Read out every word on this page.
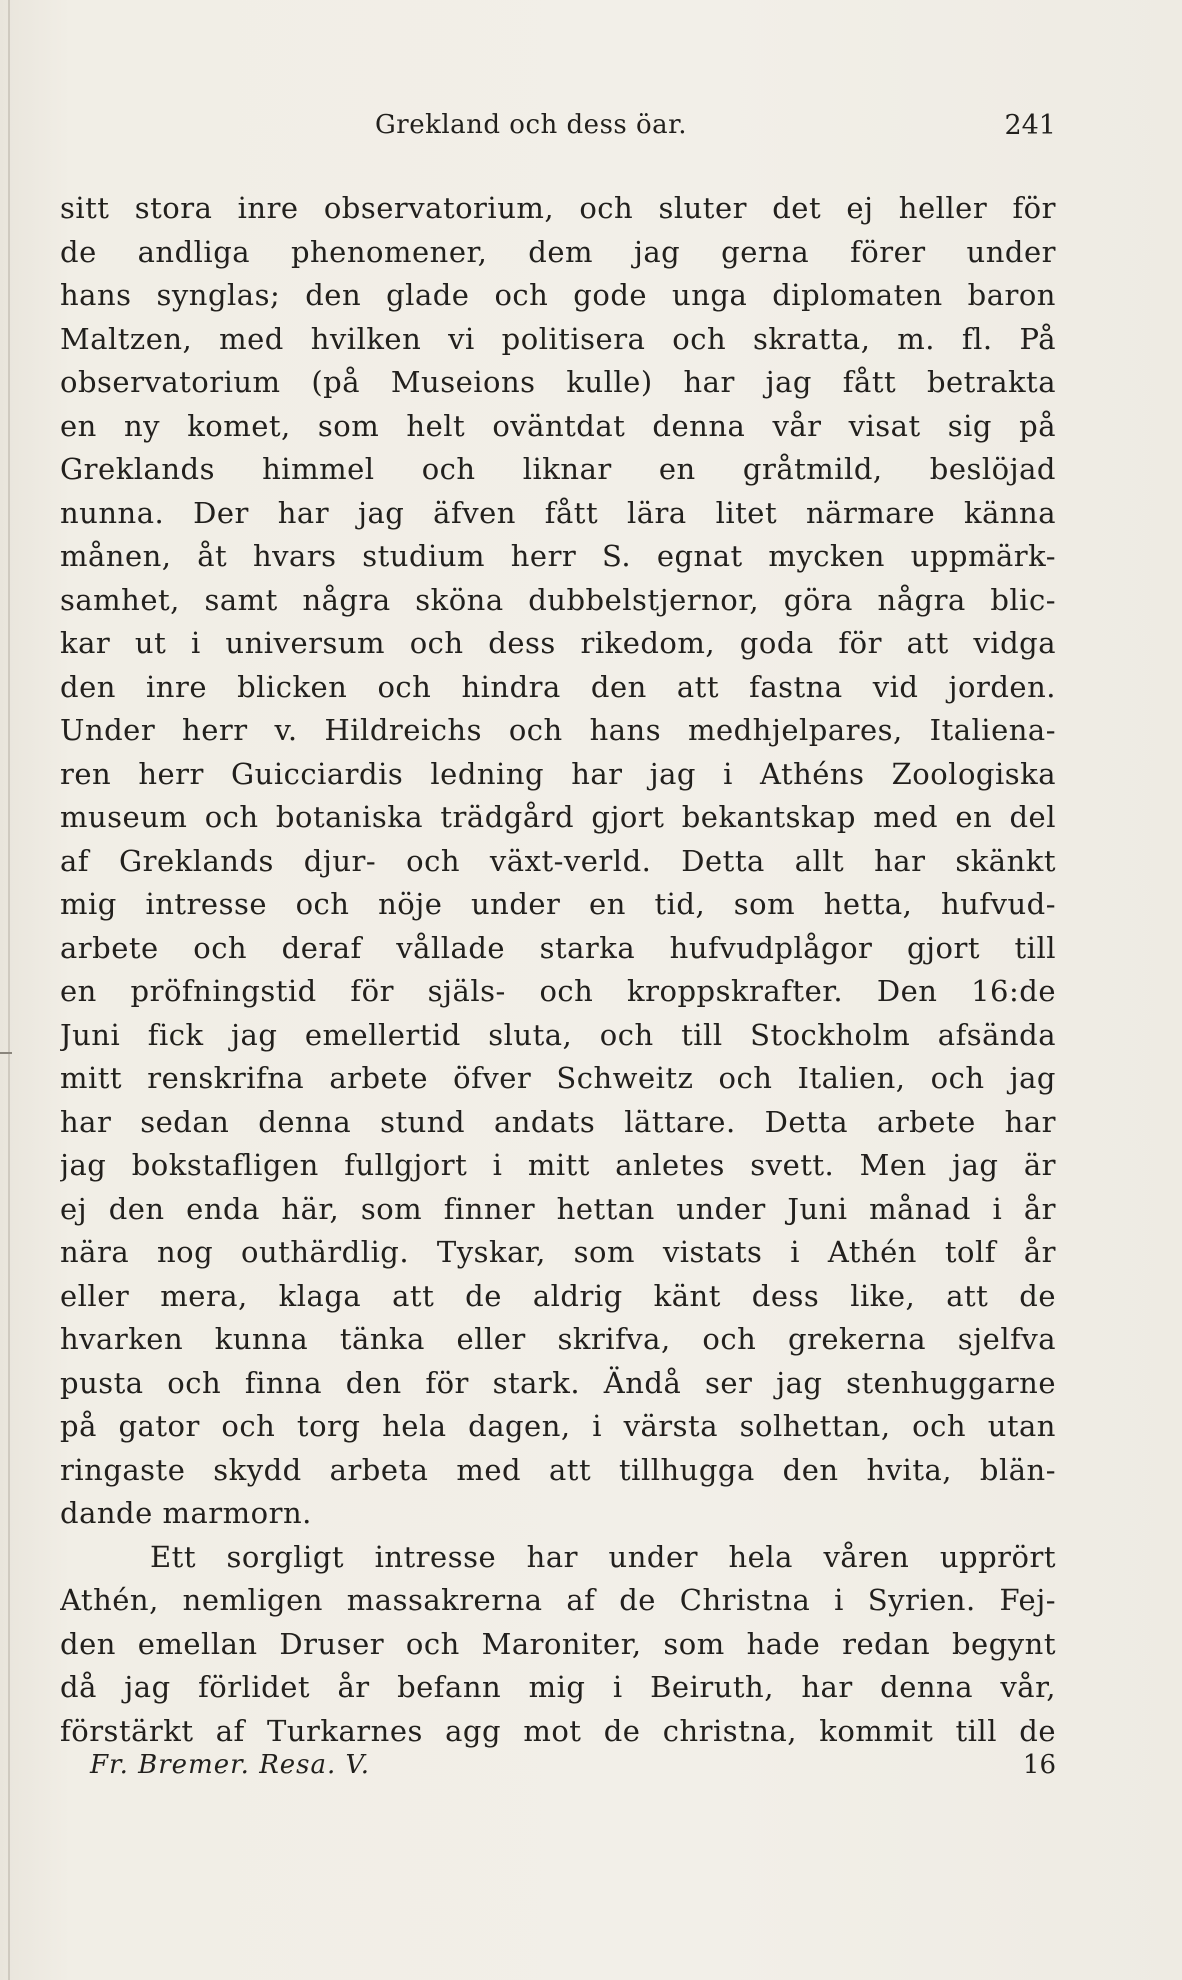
Grekland och dess öar.	241
sitt stora inre observatorium, och sluter det ej heller för
de andliga phenomener, dem jag gerna förer under
hans synglas; den glade och gode unga diplomaten baron
Maltzen, med hvilken vi politisera och skratta, m. fl. På
observatorium (på Museions kulle) har jag fått betrakta
en ny komet, som helt oväntdat denna vår visat sig på
Greklands himmel och liknar en gråtmild, beslöjad
nunna. Der har jag äfven fått lära litet närmare känna
månen, åt hvars studium herr S. egnat mycken uppmärk-
samhet, samt några sköna dubbelstjernor, göra några blic-
kar ut i universum och dess rikedom, goda för att vidga
den inre blicken och hindra den att fastna vid jorden.
Under herr v. Hildreichs och hans medhjelpares, Italiena-
ren herr Guicciardis ledning har jag i Athéns Zoologiska
museum och botaniska trädgård gjort bekantskap med en del
af Greklands djur- och växt-verld. Detta allt har skänkt
mig intresse och nöje under en tid, som hetta, hufvud-
arbete och deraf vållade starka hufvudplågor gjort till
en pröfningstid för själs- och kroppskrafter. Den 16:de
Juni fick jag emellertid sluta, och till Stockholm afsända
mitt renskrifna arbete öfver Schweitz och Italien, och jag
har sedan denna stund andats lättare. Detta arbete har
jag bokstafligen fullgjort i mitt anletes svett. Men jag är
ej den enda här, som finner hettan under Juni månad i år
nära nog outhärdlig. Tyskar, som vistats i Athén tolf år
eller mera, klaga att de aldrig känt dess like, att de
hvarken kunna tänka eller skrifva, och grekerna sjelfva
pusta och finna den för stark. Ändå ser jag stenhuggarne
på gator och torg hela dagen, i värsta solhettan, och utan
ringaste skydd arbeta med att tillhugga den hvita, blän-
dande marmorn.
Ett sorgligt intresse har under hela våren upprört
Athén, nemligen massakrerna af de Christna i Syrien. Fej-
den emellan Druser och Maroniter, som hade redan begynt
då jag förlidet år befann mig i Beiruth, har denna vår,
förstärkt af Turkarnes agg mot de christna, kommit till de
Fr. Bremer. Resa. V.	16
